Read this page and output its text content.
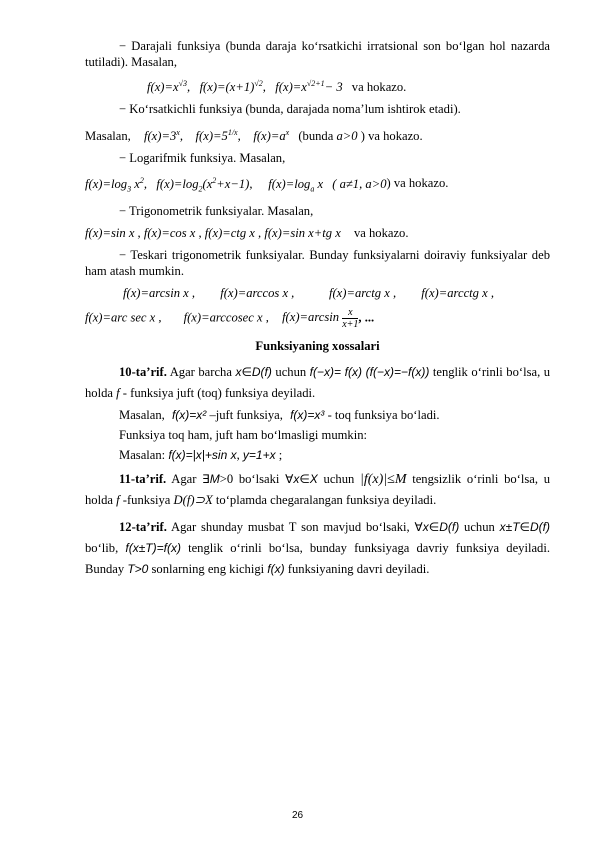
− Darajali funksiya (bunda daraja ko‘rsatkichi irratsional son bo‘lgan hol nazarda tutiladi). Masalan,

$f(x)=x^{√3}$,   $f(x)=(x+1)^{√2}$,   $f(x)=x^{√2+1}- 3$ va hokazo.

− Ko‘rsatkichli funksiya (bunda, darajada noma’lum ishtirok etadi).

Masalan, $f(x)=3^x$,    $f(x)=5^{1/x}$,    $f(x)=a^x$ (bunda a>0 ) va hokazo.

− Logarifmik funksiya. Masalan,

$f(x)=\log_3$ $x^2$,   $f(x)=\log_2(x^2+x-1)$,     $f(x)=\log_a$ x ( a≠1, a>0) va hokazo.

− Trigonometrik funksiyalar. Masalan,

f(x)=sin x , f(x)=cos x , f(x)=ctg x , f(x)=sin x+tg x va hokazo.

− Teskari trigonometrik funksiyalar. Bunday funksiyalarni doiraviy funksiyalar deb ham atash mumkin.

f(x)=arcsin x ,        f(x)=arccos x ,           f(x)=arctg x ,        f(x)=arcctg x ,
f(x)=arc sec x ,       f(x)=arccosec x , $f(x)=\arcsin \frac{x}{x+1}$ , ...
Funksiyaning xossalari

10-ta’rif. Agar barcha x∈D(f) uchun f(−x)= f(x) (f(−x)=−f(x)) tenglik o‘rinli bo‘lsa, u holda f - funksiya juft (toq) funksiya deyiladi.

Masalan, f(x)=x² –juft funksiya, f(x)=x³ - toq funksiya bo‘ladi.

Funksiya toq ham, juft ham bo‘lmasligi mumkin:

Masalan: f(x)=|x|+sin x, y=1+x ;

11-ta’rif. Agar ∃M>0 bo‘lsaki ∀x∈X uchun |f(x)|≤M tengsizlik o‘rinli bo‘lsa, u holda f -funksiya D(f)⊃X to‘plamda chegaralangan funksiya deyiladi.

12-ta’rif. Agar shunday musbat T son mavjud bo‘lsaki, ∀x∈D(f) uchun x±T∈D(f) bo‘lib, f(x±T)=f(x) tenglik o‘rinli bo‘lsa, bunday funksiyaga davriy funksiya deyiladi. Bunday T>0 sonlarning eng kichigi f(x) funksiyaning davri deyiladi.

26
